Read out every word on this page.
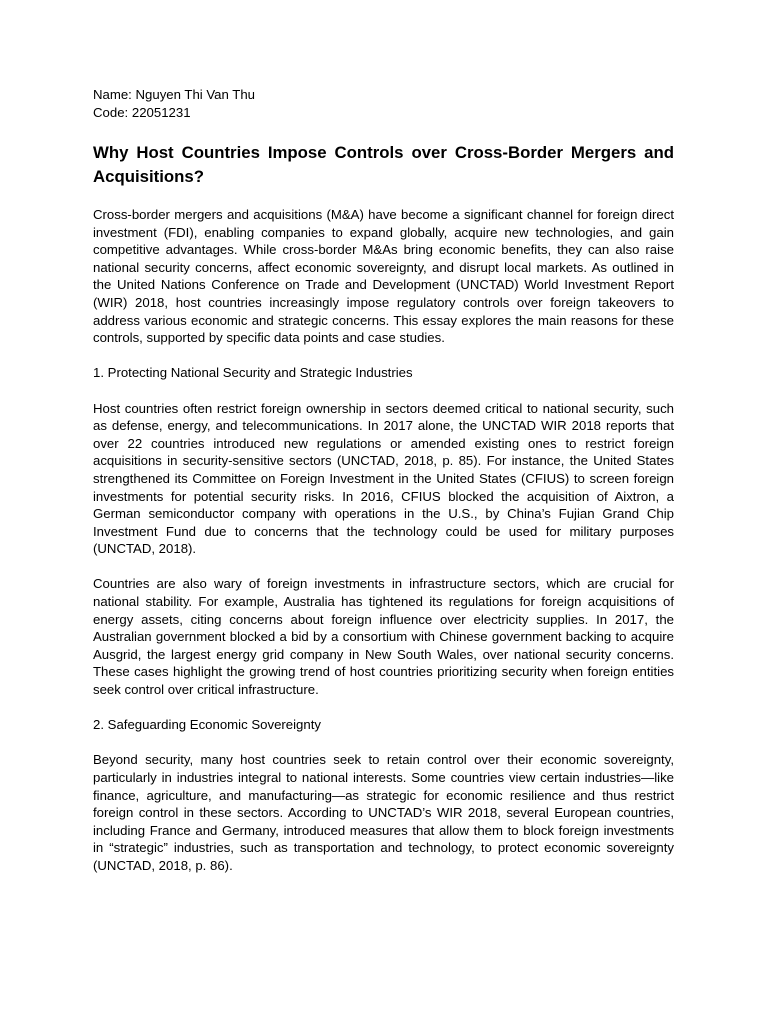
Name: Nguyen Thi Van Thu

Code: 22051231

Why Host Countries Impose Controls over Cross-Border Mergers and Acquisitions?

Cross-border mergers and acquisitions (M&A) have become a significant channel for foreign direct investment (FDI), enabling companies to expand globally, acquire new technologies, and gain competitive advantages. While cross-border M&As bring economic benefits, they can also raise national security concerns, affect economic sovereignty, and disrupt local markets. As outlined in the United Nations Conference on Trade and Development (UNCTAD) World Investment Report (WIR) 2018, host countries increasingly impose regulatory controls over foreign takeovers to address various economic and strategic concerns. This essay explores the main reasons for these controls, supported by specific data points and case studies.

1. Protecting National Security and Strategic Industries

Host countries often restrict foreign ownership in sectors deemed critical to national security, such as defense, energy, and telecommunications. In 2017 alone, the UNCTAD WIR 2018 reports that over 22 countries introduced new regulations or amended existing ones to restrict foreign acquisitions in security-sensitive sectors (UNCTAD, 2018, p. 85). For instance, the United States strengthened its Committee on Foreign Investment in the United States (CFIUS) to screen foreign investments for potential security risks. In 2016, CFIUS blocked the acquisition of Aixtron, a German semiconductor company with operations in the U.S., by China’s Fujian Grand Chip Investment Fund due to concerns that the technology could be used for military purposes (UNCTAD, 2018).

Countries are also wary of foreign investments in infrastructure sectors, which are crucial for national stability. For example, Australia has tightened its regulations for foreign acquisitions of energy assets, citing concerns about foreign influence over electricity supplies. In 2017, the Australian government blocked a bid by a consortium with Chinese government backing to acquire Ausgrid, the largest energy grid company in New South Wales, over national security concerns. These cases highlight the growing trend of host countries prioritizing security when foreign entities seek control over critical infrastructure.

2. Safeguarding Economic Sovereignty

Beyond security, many host countries seek to retain control over their economic sovereignty, particularly in industries integral to national interests. Some countries view certain industries—like finance, agriculture, and manufacturing—as strategic for economic resilience and thus restrict foreign control in these sectors. According to UNCTAD’s WIR 2018, several European countries, including France and Germany, introduced measures that allow them to block foreign investments in “strategic” industries, such as transportation and technology, to protect economic sovereignty (UNCTAD, 2018, p. 86).
